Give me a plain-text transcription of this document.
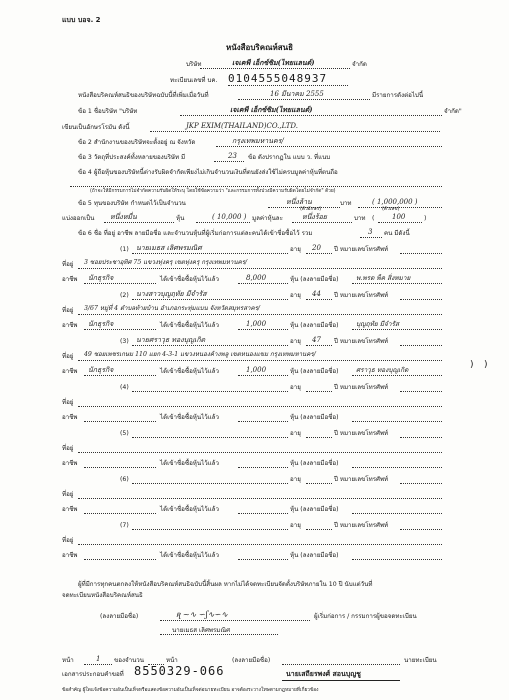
แบบ บอจ. 2
หนังสือบริคณห์สนธิ
บริษัท	เจเคพี เอ็กซ์ซิม(ไทยแลนด์)	จำกัด
ทะเบียนเลขที่ บค. 0104555048937
หนังสือบริคณห์สนธิของบริษัทฉบับนี้ที่เพิ่มเมื่อวันที่	16 มีนาคม 2555	มีรายการดังต่อไปนี้
ข้อ 1 ชื่อบริษัท "บริษัท	เจเคพี เอ็กซ์ซิม(ไทยแลนด์)	จำกัด"
เขียนเป็นอักษรโรมัน ดังนี้	JKP EXIM(THAILAND)CO.,LTD.
ข้อ 2 สำนักงานของบริษัทจะตั้งอยู่ ณ จังหวัด	กรุงเทพมหานคร/
ข้อ 3 วัตถุที่ประสงค์ทั้งหลายของบริษัท มี	23 ข้อ ดังปรากฏใน แบบ ว. ที่แนบ
ข้อ 4 ผู้ถือหุ้นของบริษัทนี้ต่างรับผิดจำกัดเพียงไม่เกินจำนวนเงินที่ตนยังส่งใช้ไม่ครบมูลค่าหุ้นที่ตนถือ
(ถ้าจะให้มีกรรมการไม่จำกัดความรับผิดให้ระบุ โดยใช้ข้อความว่า "และกรรมการทั้งปวงมีความรับผิดโดยไม่จำกัด" ด้วย)
ข้อ 5 ทุนของบริษัท กำหนดไว้เป็นจำนวน	หนึ่งล้าน
(ตัวอักษร)
บาท	( 1,000,000 )
(ตัวเลข)
แบ่งออกเป็น หนึ่งหมื่น	หุ้น	( 10,000 ) มูลค่าหุ้นละ	หนึ่งร้อย	บาท (	100	)
ข้อ 6 ชื่อ ที่อยู่ อาชีพ ลายมือชื่อ และจำนวนหุ้นที่ผู้เริ่มก่อการแต่ละคนได้เข้าชื่อซื้อไว้ รวม	3 คน มีดังนี้
(1) นายเมธส เลิศพรมณิศ	อายุ 20 ปี หมายเลขโทรศัพท์
ที่อยู่ 3 ซอยประชาอุทิศ 75 แขวงทุ่งครุ เขตทุ่งครุ กรุงเทพมหานคร/
อาชีพ นักธุรกิจ	ได้เข้าชื่อซื้อหุ้นไว้แล้ว	8,000	หุ้น (ลงลายมือชื่อ)	พ.พรต พ็ค สิ่งหมาย
(2) นางสาวบุญฤทัย มีจำรัส	อายุ 44 ปี หมายเลขโทรศัพท์
ที่อยู่ 3/67 หมู่ที่ 4 ตำบลท้ายบ้าน อำเภอกระทุ่มแบน จังหวัดสมุทรสาคร/
อาชีพ นักธุรกิจ	ได้เข้าชื่อซื้อหุ้นไว้แล้ว	1,000	หุ้น (ลงลายมือชื่อ)	บุญฤทัย มีจำรัส
(3) นายศราวุธ ทองบุญเกิด	อายุ 47 ปี หมายเลขโทรศัพท์
ที่อยู่ 49 ซอยเพชรเกษม 110 แยก 4-3-1 แขวงหนองค้างพลู เขตหนองแขม กรุงเทพมหานคร/
อาชีพ นักธุรกิจ	ได้เข้าชื่อซื้อหุ้นไว้แล้ว	1,000	หุ้น (ลงลายมือชื่อ)	ศราวุธ ทองบุญเกิด
(4)	อายุ	ปี หมายเลขโทรศัพท์
ที่อยู่
อาชีพ	ได้เข้าชื่อซื้อหุ้นไว้แล้ว	หุ้น (ลงลายมือชื่อ)
(5)	อายุ	ปี หมายเลขโทรศัพท์
ที่อยู่
อาชีพ	ได้เข้าชื่อซื้อหุ้นไว้แล้ว	หุ้น (ลงลายมือชื่อ)
(6)	อายุ	ปี หมายเลขโทรศัพท์
ที่อยู่
อาชีพ	ได้เข้าชื่อซื้อหุ้นไว้แล้ว	หุ้น (ลงลายมือชื่อ)
(7)	อายุ	ปี หมายเลขโทรศัพท์
ที่อยู่
อาชีพ	ได้เข้าชื่อซื้อหุ้นไว้แล้ว	หุ้น (ลงลายมือชื่อ)
ผู้ที่มีการทุกคนตกลงให้หนังสือบริคณห์สนธิฉบับนี้สิ้นผล หากไม่ได้จดทะเบียนจัดตั้งบริษัทภายใน 10 ปี นับแต่วันที่
จดทะเบียนหนังสือบริคณห์สนธิ
(ลงลายมือชื่อ)	ꭆ ~∿ ∽ʃ∿∽∿	ผู้เริ่มก่อการ / กรรมการผู้ขอจดทะเบียน
นายเมธส เลิศพรมณิศ
หน้า	1 ของจำนวน	หน้า	(ลงลายมือชื่อ)	นายทะเบียน
เอกสารประกอบคำขอที่ 8550329-066	นายเสถียรพงศ์ สอนบุญชู
ข้อสำคัญ ผู้ใดแจ้งข้อความอันเป็นเท็จหรือแสดงข้อความอันเป็นเท็จต่อนายทะเบียน อาจต้องระวางโทษตามกฎหมายที่เกี่ยวข้อง
) )
